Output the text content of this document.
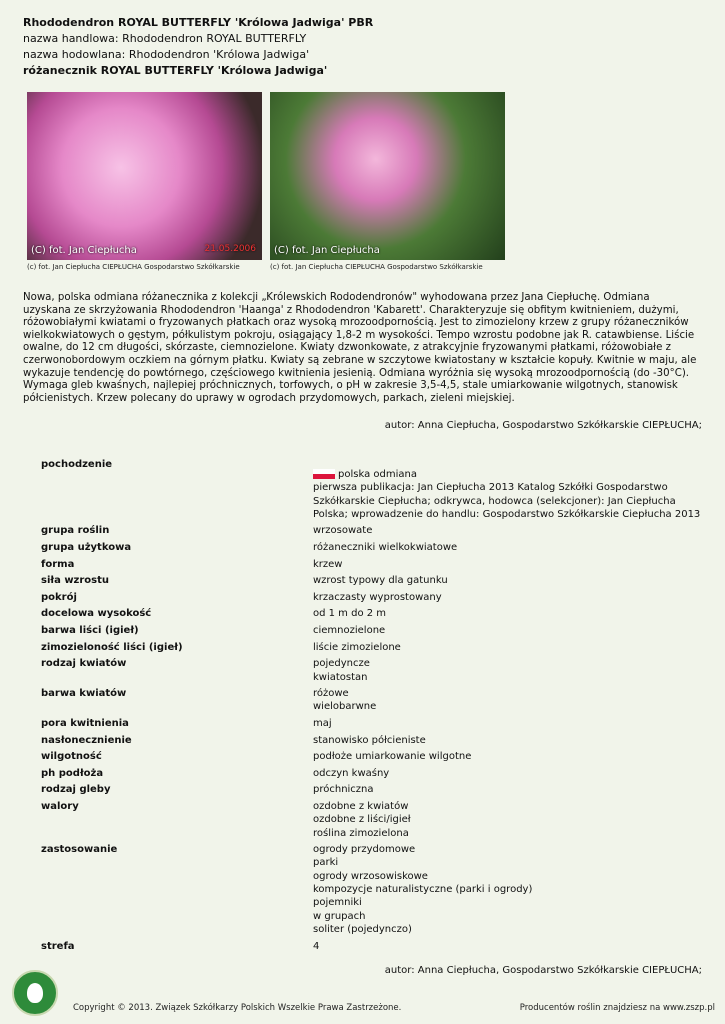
Rhododendron ROYAL BUTTERFLY 'Królowa Jadwiga' PBR
nazwa handlowa: Rhododendron ROYAL BUTTERFLY
nazwa hodowlana: Rhododendron 'Królowa Jadwiga'
różanecznik ROYAL BUTTERFLY 'Królowa Jadwiga'
(C) fot. Jan Ciepłucha	21.05.2006 (C) fot. Jan Ciepłucha
(c) fot. Jan Ciepłucha CIEPŁUCHA Gospodarstwo Szkółkarskie	(c) fot. Jan Ciepłucha CIEPŁUCHA Gospodarstwo Szkółkarskie
Nowa, polska odmiana różanecznika z kolekcji „Królewskich Rododendronów" wyhodowana przez Jana Ciepłuchę. Odmiana uzyskana ze skrzyżowania Rhododendron 'Haanga' z Rhododendron 'Kabarett'. Charakteryzuje się obfitym kwitnieniem, dużymi, różowobiałymi kwiatami o fryzowanych płatkach oraz wysoką mrozoodpornością. Jest to zimozielony krzew z grupy różaneczników wielkokwiatowych o gęstym, półkulistym pokroju, osiągający 1,8-2 m wysokości. Tempo wzrostu podobne jak R. catawbiense. Liście owalne, do 12 cm długości, skórzaste, ciemnozielone. Kwiaty dzwonkowate, z atrakcyjnie fryzowanymi płatkami, różowobiałe z czerwonobordowym oczkiem na górnym płatku. Kwiaty są zebrane w szczytowe kwiatostany w kształcie kopuły. Kwitnie w maju, ale wykazuje tendencję do powtórnego, częściowego kwitnienia jesienią. Odmiana wyróżnia się wysoką mrozoodpornością (do -30°C). Wymaga gleb kwaśnych, najlepiej próchnicznych, torfowych, o pH w zakresie 3,5-4,5, stale umiarkowanie wilgotnych, stanowisk półcienistych. Krzew polecany do uprawy w ogrodach przydomowych, parkach, zieleni miejskiej.
autor: Anna Ciepłucha, Gospodarstwo Szkółkarskie CIEPŁUCHA;
pochodzenie
polska odmiana
pierwsza publikacja: Jan Ciepłucha 2013 Katalog Szkółki Gospodarstwo Szkółkarskie Ciepłucha; odkrywca, hodowca (selekcjoner): Jan Ciepłucha Polska; wprowadzenie do handlu: Gospodarstwo Szkółkarskie Ciepłucha 2013
grupa roślin	wrzosowate
grupa użytkowa	różaneczniki wielkokwiatowe
forma	krzew
siła wzrostu	wzrost typowy dla gatunku
pokrój	krzaczasty wyprostowany
docelowa wysokość	od 1 m do 2 m
barwa liści (igieł)	ciemnozielone
zimozieloność liści (igieł)	liście zimozielone
rodzaj kwiatów	pojedyncze
kwiatostan
barwa kwiatów	różowe
wielobarwne
pora kwitnienia	maj
nasłonecznienie	stanowisko półcieniste
wilgotność	podłoże umiarkowanie wilgotne
ph podłoża	odczyn kwaśny
rodzaj gleby	próchniczna
walory	ozdobne z kwiatów
ozdobne z liści/igieł
roślina zimozielona
zastosowanie	ogrody przydomowe
parki
ogrody wrzosowiskowe
kompozycje naturalistyczne (parki i ogrody)
pojemniki
w grupach
soliter (pojedynczo)
strefa	4
autor: Anna Ciepłucha, Gospodarstwo Szkółkarskie CIEPŁUCHA;
Copyright © 2013. Związek Szkółkarzy Polskich Wszelkie Prawa Zastrzeżone.	Producentów roślin znajdziesz na www.zszp.pl
